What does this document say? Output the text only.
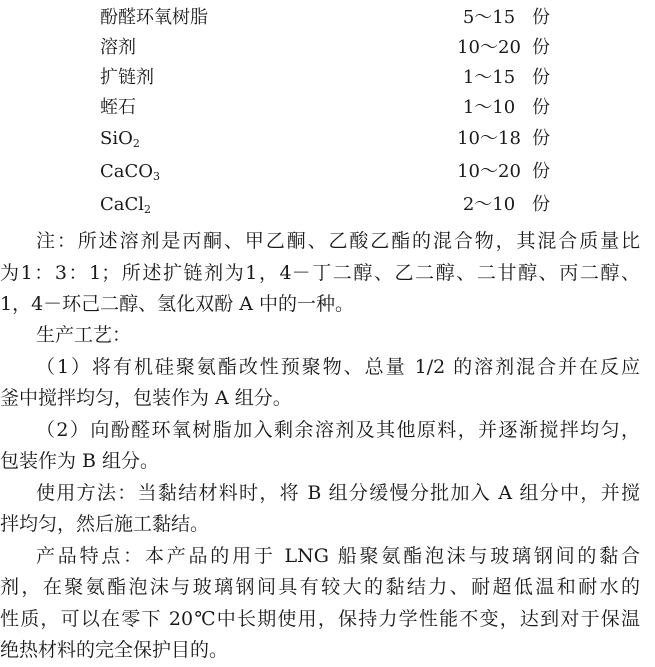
酚醛环氧树脂	5～15 份
溶剂	10～20 份
扩链剂	1～15 份
蛭石	1～10 份
SiO$_2$	10～18 份
CaCO$_3$	10～20 份
CaCl$_2$	2～10 份
注：所述溶剂是丙酮、甲乙酮、乙酸乙酯的混合物，其混合质量比
为1：3：1；所述扩链剂为1，4－丁二醇、乙二醇、二甘醇、丙二醇、
1，4－环己二醇、氢化双酚 A 中的一种。
生产工艺：
（1）将有机硅聚氨酯改性预聚物、总量 1/2 的溶剂混合并在反应
釜中搅拌均匀，包装作为 A 组分。
（2）向酚醛环氧树脂加入剩余溶剂及其他原料，并逐渐搅拌均匀，
包装作为 B 组分。
使用方法：当黏结材料时，将 B 组分缓慢分批加入 A 组分中，并搅
拌均匀，然后施工黏结。
产品特点：本产品的用于 LNG 船聚氨酯泡沫与玻璃钢间的黏合
剂，在聚氨酯泡沫与玻璃钢间具有较大的黏结力、耐超低温和耐水的
性质，可以在零下 20℃中长期使用，保持力学性能不变，达到对于保温
绝热材料的完全保护目的。
